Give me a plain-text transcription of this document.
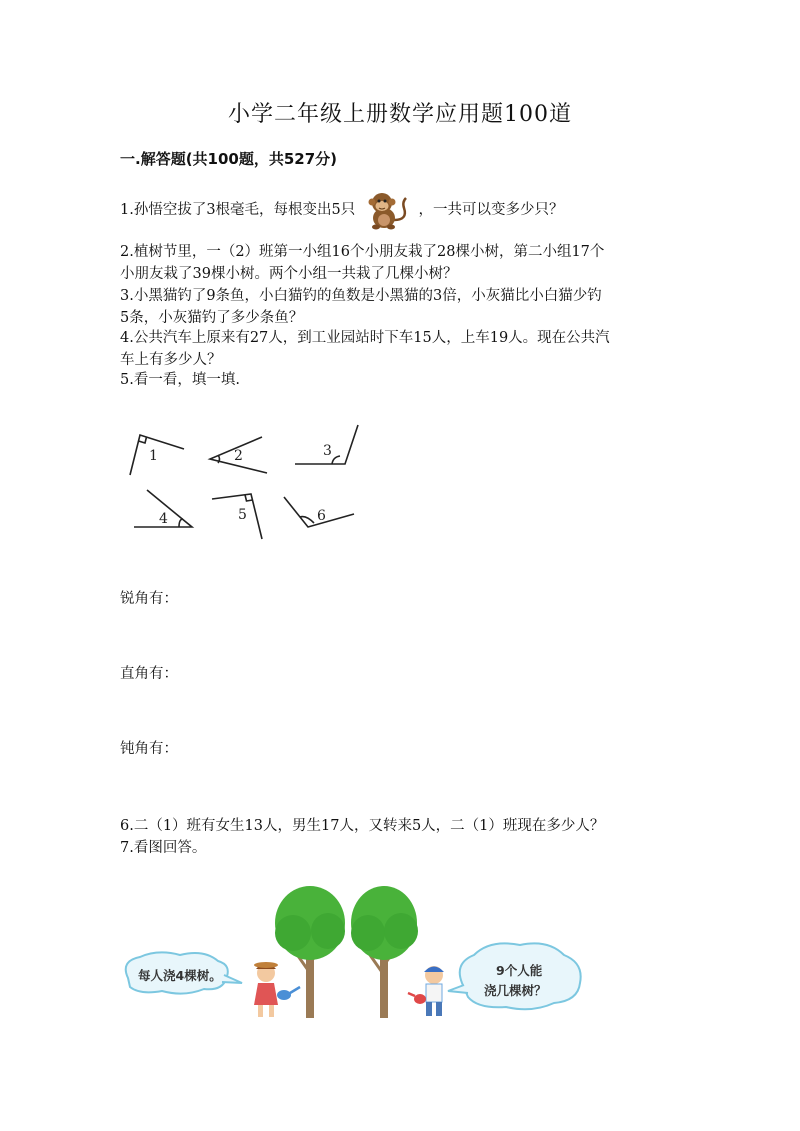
小学二年级上册数学应用题100道
一.解答题(共100题，共527分)
1.孙悟空拔了3根毫毛，每根变出5只	，一共可以变多少只？
2.植树节里，一（2）班第一小组16个小朋友栽了28棵小树，第二小组17个
小朋友栽了39棵小树。两个小组一共栽了几棵小树？
3.小黑猫钓了9条鱼，小白猫钓的鱼数是小黑猫的3倍，小灰猫比小白猫少钓
5条，小灰猫钓了多少条鱼？
4.公共汽车上原来有27人，到工业园站时下车15人，上车19人。现在公共汽
车上有多少人？
5.看一看，填一填.
1	2	3
4	5	6
锐角有：
直角有：
钝角有：
6.二（1）班有女生13人，男生17人，又转来5人，二（1）班现在多少人？
7.看图回答。
每人浇4棵树。	9个人能
浇几棵树？
